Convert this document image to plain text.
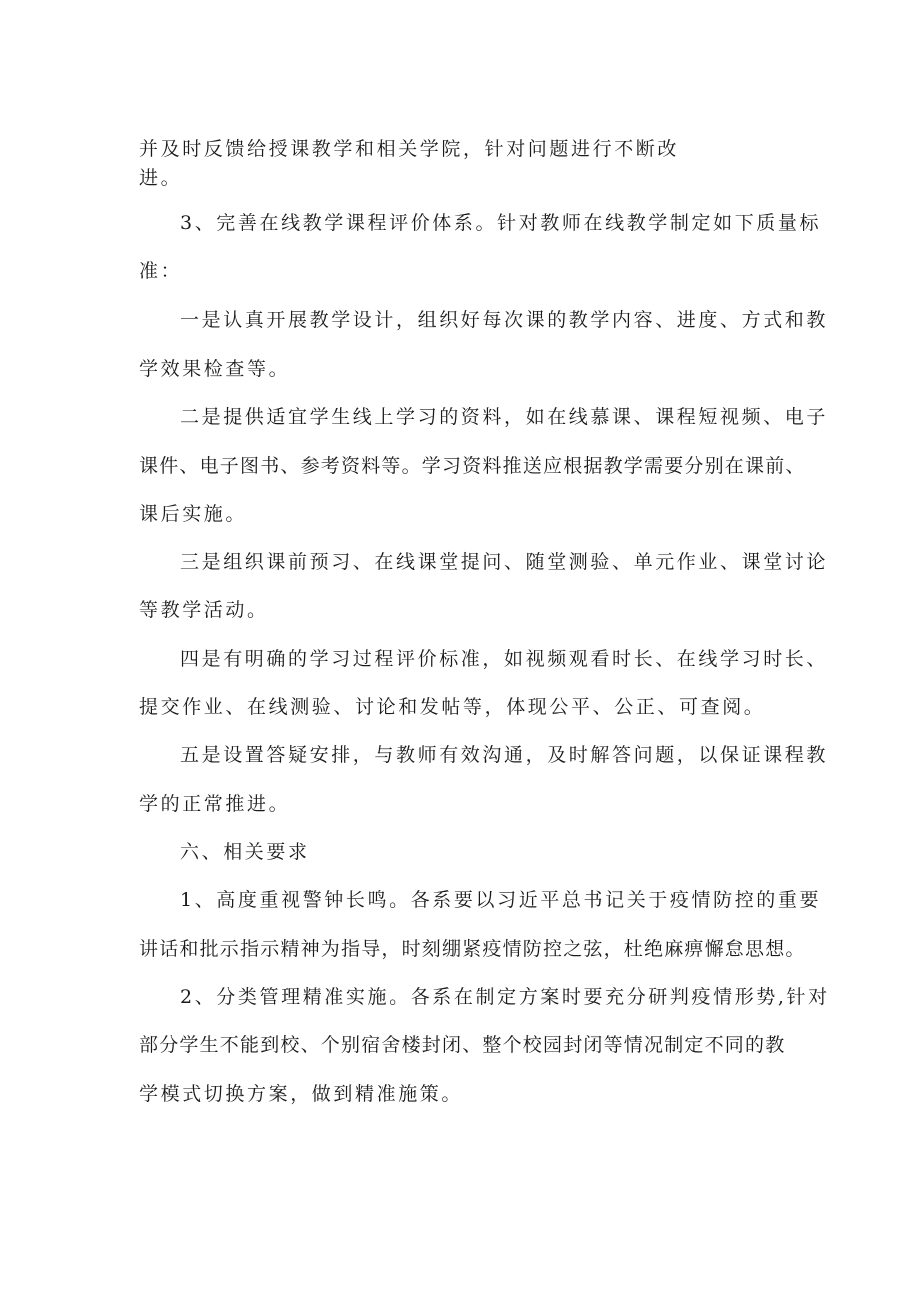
并及时反馈给授课教学和相关学院，针对问题进行不断改
进。
3、完善在线教学课程评价体系。针对教师在线教学制定如下质量标
准：
一是认真开展教学设计，组织好每次课的教学内容、进度、方式和教
学效果检查等。
二是提供适宜学生线上学习的资料，如在线慕课、课程短视频、电子
课件、电子图书、参考资料等。学习资料推送应根据教学需要分别在课前、
课后实施。
三是组织课前预习、在线课堂提问、随堂测验、单元作业、课堂讨论
等教学活动。
四是有明确的学习过程评价标准，如视频观看时长、在线学习时长、
提交作业、在线测验、讨论和发帖等，体现公平、公正、可查阅。
五是设置答疑安排，与教师有效沟通，及时解答问题，以保证课程教
学的正常推进。
六、相关要求
1、高度重视警钟长鸣。各系要以习近平总书记关于疫情防控的重要
讲话和批示指示精神为指导，时刻绷紧疫情防控之弦，杜绝麻痹懈怠思想。
2、分类管理精准实施。各系在制定方案时要充分研判疫情形势,针对
部分学生不能到校、个别宿舍楼封闭、整个校园封闭等情况制定不同的教
学模式切换方案，做到精准施策。
